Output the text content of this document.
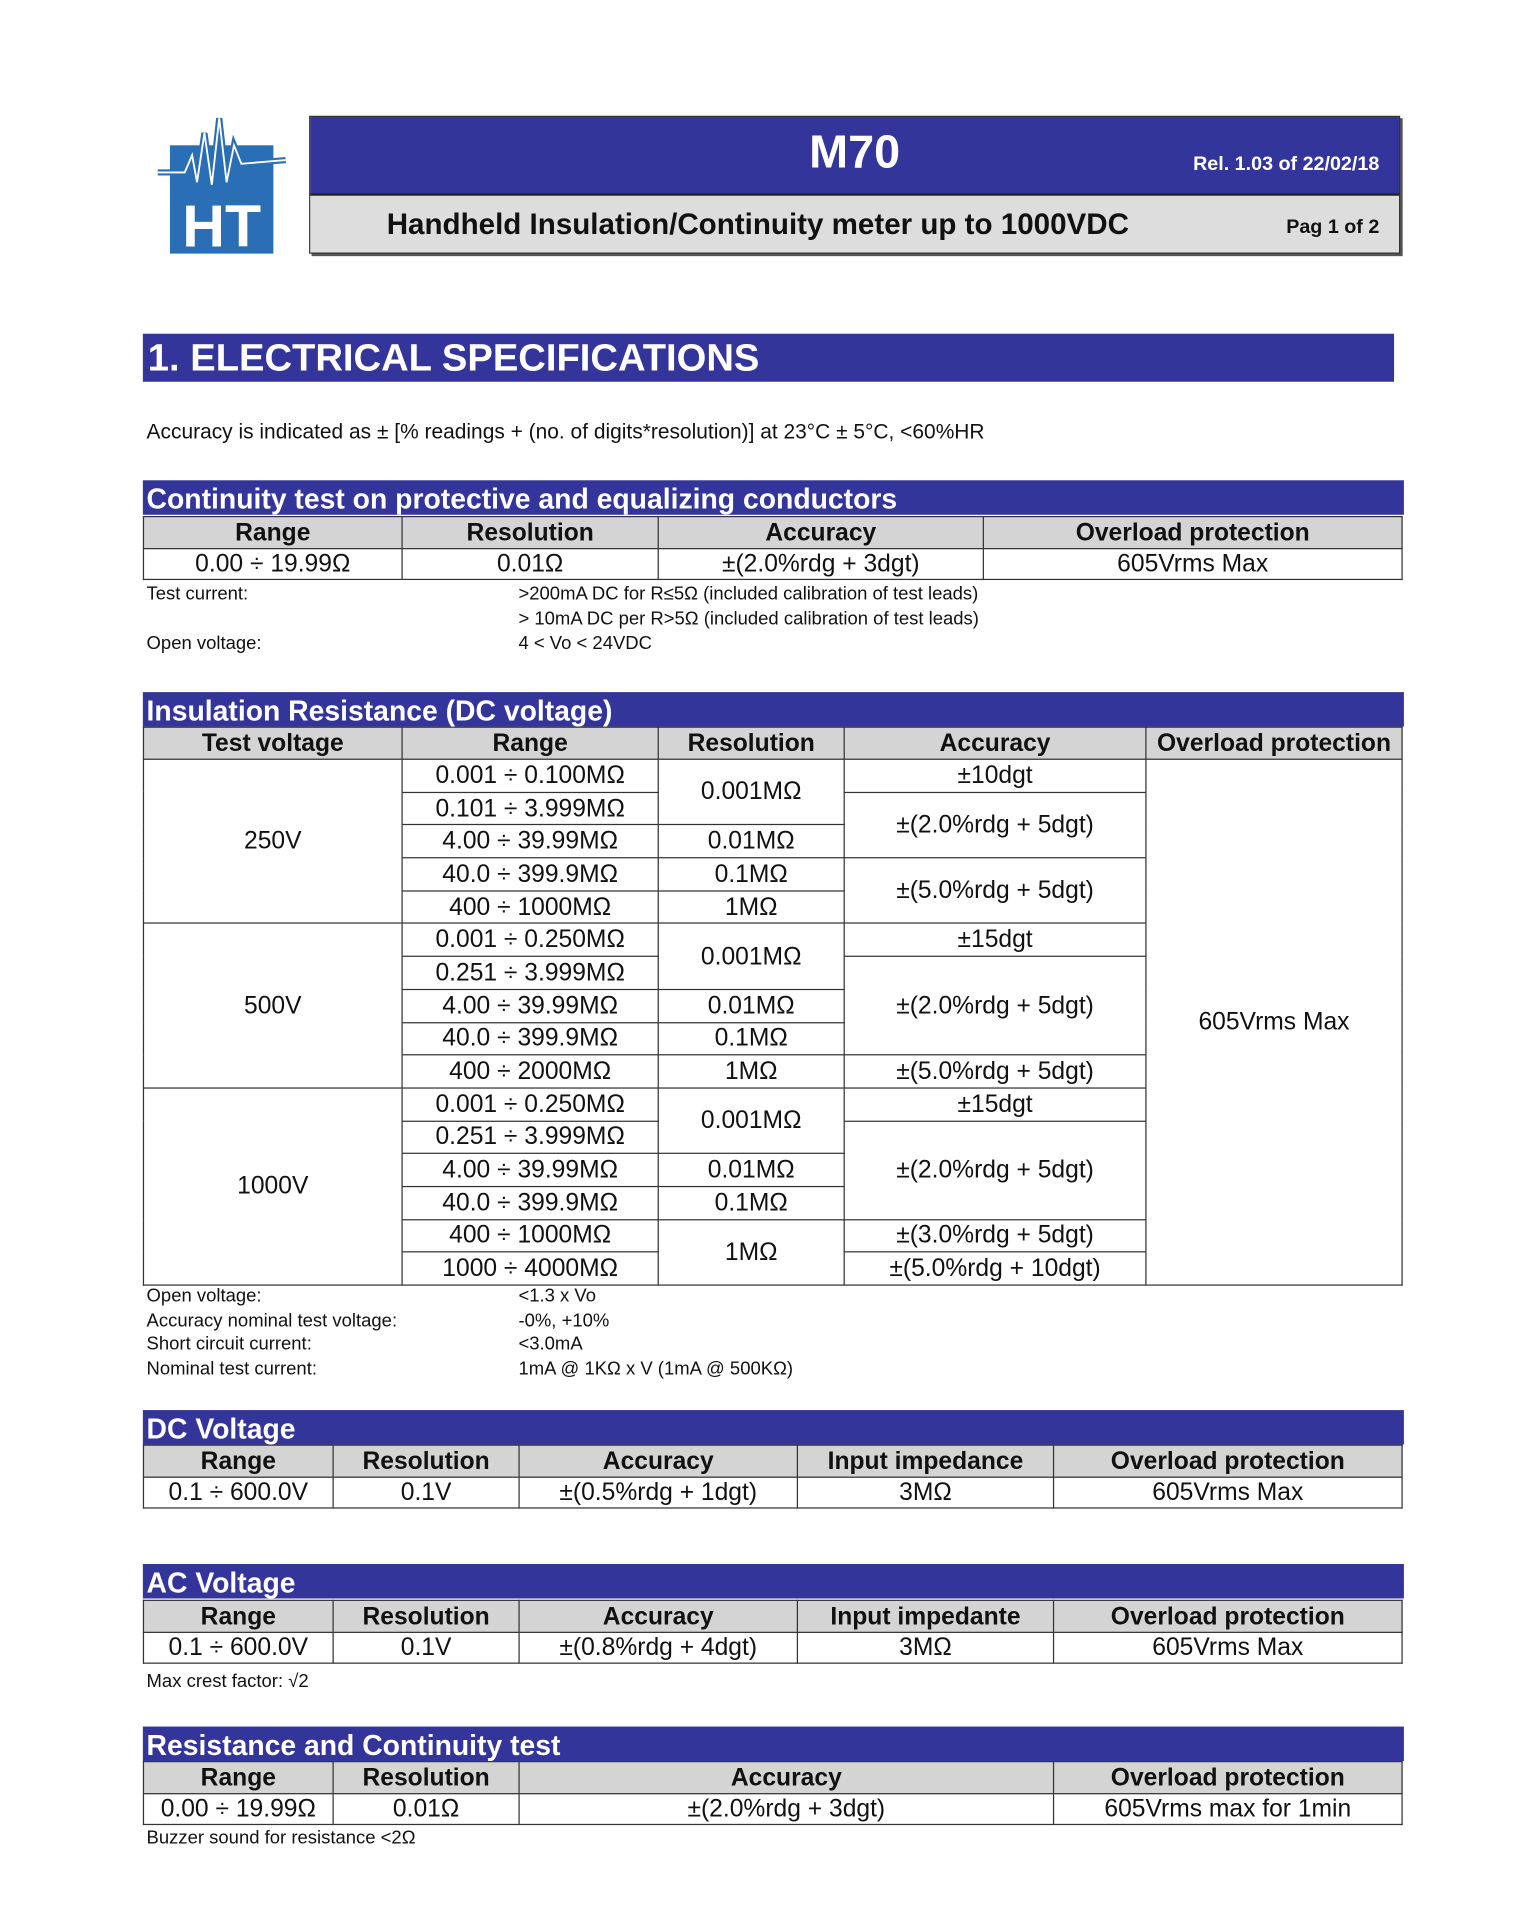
HT
M70	Rel. 1.03 of 22/02/18
Handheld Insulation/Continuity meter up to 1000VDC	Pag 1 of 2
1. ELECTRICAL SPECIFICATIONS
Accuracy is indicated as ± [% readings + (no. of digits*resolution)] at 23°C ± 5°C, <60%HR
Continuity test on protective and equalizing conductors
Range	Resolution	Accuracy	Overload protection
0.00 ÷ 19.99Ω	0.01Ω	±(2.0%rdg + 3dgt)	605Vrms Max
Test current:	>200mA DC for R≤5Ω (included calibration of test leads)
> 10mA DC per R>5Ω (included calibration of test leads)
Open voltage:	4 < Vo < 24VDC
Insulation Resistance (DC voltage)
Test voltage	Range	Resolution	Accuracy	Overload protection
250V	0.001 ÷ 0.100MΩ	0.001MΩ	±10dgt	605Vrms Max
	0.101 ÷ 3.999MΩ		±(2.0%rdg + 5dgt)	
	4.00 ÷ 39.99MΩ	0.01MΩ		
	40.0 ÷ 399.9MΩ	0.1MΩ	±(5.0%rdg + 5dgt)	
	400 ÷ 1000MΩ	1MΩ		
500V	0.001 ÷ 0.250MΩ	0.001MΩ	±15dgt	
	0.251 ÷ 3.999MΩ		±(2.0%rdg + 5dgt)	
	4.00 ÷ 39.99MΩ	0.01MΩ		
	40.0 ÷ 399.9MΩ	0.1MΩ		
	400 ÷ 2000MΩ	1MΩ	±(5.0%rdg + 5dgt)	
1000V	0.001 ÷ 0.250MΩ	0.001MΩ	±15dgt	
	0.251 ÷ 3.999MΩ		±(2.0%rdg + 5dgt)	
	4.00 ÷ 39.99MΩ	0.01MΩ		
	40.0 ÷ 399.9MΩ	0.1MΩ		
	400 ÷ 1000MΩ	1MΩ	±(3.0%rdg + 5dgt)	
	1000 ÷ 4000MΩ		±(5.0%rdg + 10dgt)	
Open voltage:	<1.3 x Vo
Accuracy nominal test voltage:	-0%, +10%
Short circuit current:	<3.0mA
Nominal test current:	1mA @ 1KΩ x V (1mA @ 500KΩ)
DC Voltage
Range	Resolution	Accuracy	Input impedance	Overload protection
0.1 ÷ 600.0V	0.1V	±(0.5%rdg + 1dgt)	3MΩ	605Vrms Max
AC Voltage
Range	Resolution	Accuracy	Input impedante	Overload protection
0.1 ÷ 600.0V	0.1V	±(0.8%rdg + 4dgt)	3MΩ	605Vrms Max
Max crest factor: √2
Resistance and Continuity test
Range	Resolution	Accuracy	Overload protection
0.00 ÷ 19.99Ω	0.01Ω	±(2.0%rdg + 3dgt)	605Vrms max for 1min
Buzzer sound for resistance <2Ω
